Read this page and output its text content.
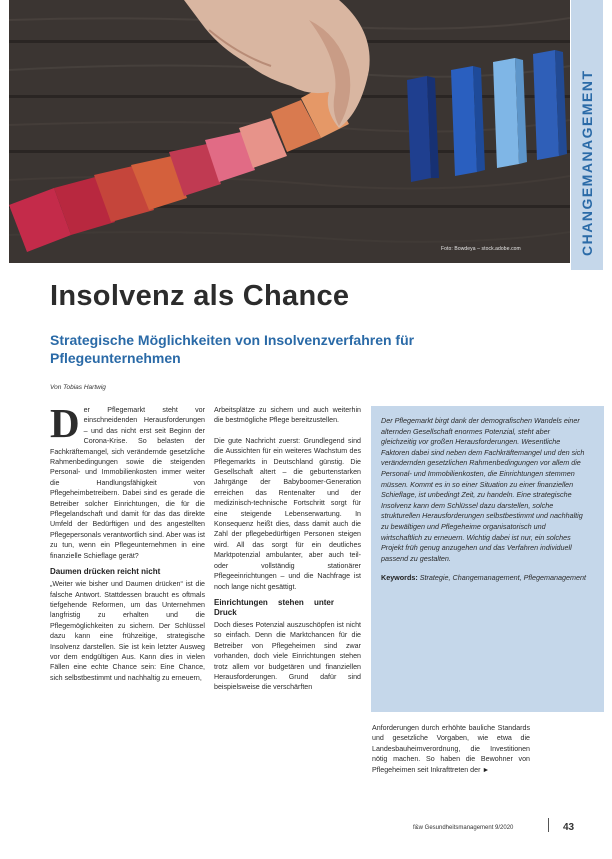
Foto: Bowdeya – stock.adobe.com	CHANGEMANAGEMENT
Insolvenz als Chance

Strategische Möglichkeiten von Insolvenzverfahren für Pflegeunternehmen

Von Tobias Hartwig

Der Pflegemarkt steht vor einschneidenden Herausforderungen – und das nicht erst seit Beginn der Corona-Krise. So belasten der Fachkräftemangel, sich verändernde gesetzliche Rahmenbedingungen sowie die steigenden Personal- und Immobilienkosten immer weiter die Handlungsfähigkeit von Pflegeheimbetreibern. Dabei sind es gerade die Betreiber solcher Einrichtungen, die für die Pflegelandschaft und damit für das das direkte Umfeld der Bedürftigen und des angestellten Pflegepersonals verantwortlich sind. Aber was ist zu tun, wenn ein Pflegeunternehmen in eine finanzielle Schieflage gerät?

Daumen drücken reicht nicht

„Weiter wie bisher und Daumen drücken“ ist die falsche Antwort. Stattdessen braucht es oftmals tiefgehende Reformen, um das Unternehmen langfristig zu erhalten und die Pflegemöglichkeiten zu sichern. Der Schlüssel dazu kann eine frühzeitige, strategische Insolvenz darstellen. Sie ist kein letzter Ausweg vor dem endgültigen Aus. Kann dies in vielen Fällen eine echte Chance sein: Eine Chance, sich selbstbestimmt und nachhaltig zu erneuern,

Arbeitsplätze zu sichern und auch weiterhin die bestmögliche Pflege bereitzustellen.

Die gute Nachricht zuerst: Grundlegend sind die Aussichten für ein weiteres Wachstum des Pflegemarkts in Deutschland günstig. Die Gesellschaft altert – die geburtenstarken Jahrgänge der Babyboomer-Generation erreichen das Rentenalter und der medizinisch-technische Fortschritt sorgt für eine steigende Lebenserwartung. In Konsequenz heißt dies, dass damit auch die Zahl der pflegebedürftigen Personen steigen wird. All das sorgt für ein deutliches Marktpotenzial ambulanter, aber auch teil- oder vollständig stationärer Pflegeeinrichtungen – und die Nachfrage ist noch lange nicht gesättigt.

Einrichtungen stehen unter Druck

Doch dieses Potenzial auszuschöpfen ist nicht so einfach. Denn die Marktchancen für die Betreiber von Pflegeheimen sind zwar vorhanden, doch viele Einrichtungen stehen trotz allem vor budgetären und finanziellen Herausforderungen. Grund dafür sind beispielsweise die verschärften

Der Pflegemarkt birgt dank der demografischen Wandels einer alternden Gesellschaft enormes Potenzial, steht aber gleichzeitig vor großen Herausforderungen. Wesentliche Faktoren dabei sind neben dem Fachkräftemangel und den sich verändernden gesetzlichen Rahmenbedingungen vor allem die Personal- und Immobilienkosten, die Einrichtungen stemmen müssen. Kommt es in so einer Situation zu einer finanziellen Schieflage, ist unbedingt Zeit, zu handeln. Eine strategische Insolvenz kann dem Schlüssel dazu darstellen, solche strukturellen Herausforderungen selbstbestimmt und nachhaltig zu bewältigen und Pflegeheime organisatorisch und wirtschaftlich zu erneuern. Wichtig dabei ist nur, ein solches Projekt früh genug anzugehen und das Verfahren individuell passend zu gestalten.

Keywords: Strategie, Changemanagement, Pflegemanagement

Anforderungen durch erhöhte bauliche Standards und gesetzliche Vorgaben, wie etwa die Landesbauheimverordnung, die Investitionen nötig machen. So haben die Bewohner von Pflegeheimen seit Inkrafttreten der ►

f&w Gesundheitsmanagement 9/2020	43
